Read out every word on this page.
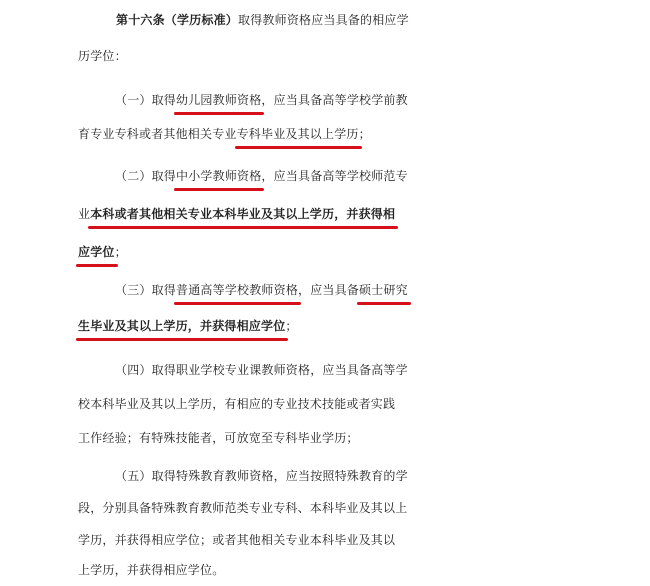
第十六条（学历标准）取得教师资格应当具备的相应学
历学位：
（一）取得幼儿园教师资格
，应当具备高等学校学前教
育专业专科或者其他相关专业专科毕业及其以上学历
；
（二）取得中小学教师资格
，应当具备高等学校师范专
业本科或者其他相关专业本科毕业及其以上学历，并获得相
应学位
；
（三）取得普通高等学校教师资格
，应当具备硕士研究
生毕业及其以上学历，并获得相应学位
；
（四）取得职业学校专业课教师资格，应当具备高等学
校本科毕业及其以上学历，有相应的专业技术技能或者实践
工作经验；有特殊技能者，可放宽至专科毕业学历；
（五）取得特殊教育教师资格，应当按照特殊教育的学
段，分别具备特殊教育教师范类专业专科、本科毕业及其以上
学历，并获得相应学位；或者其他相关专业本科毕业及其以
上学历，并获得相应学位。
